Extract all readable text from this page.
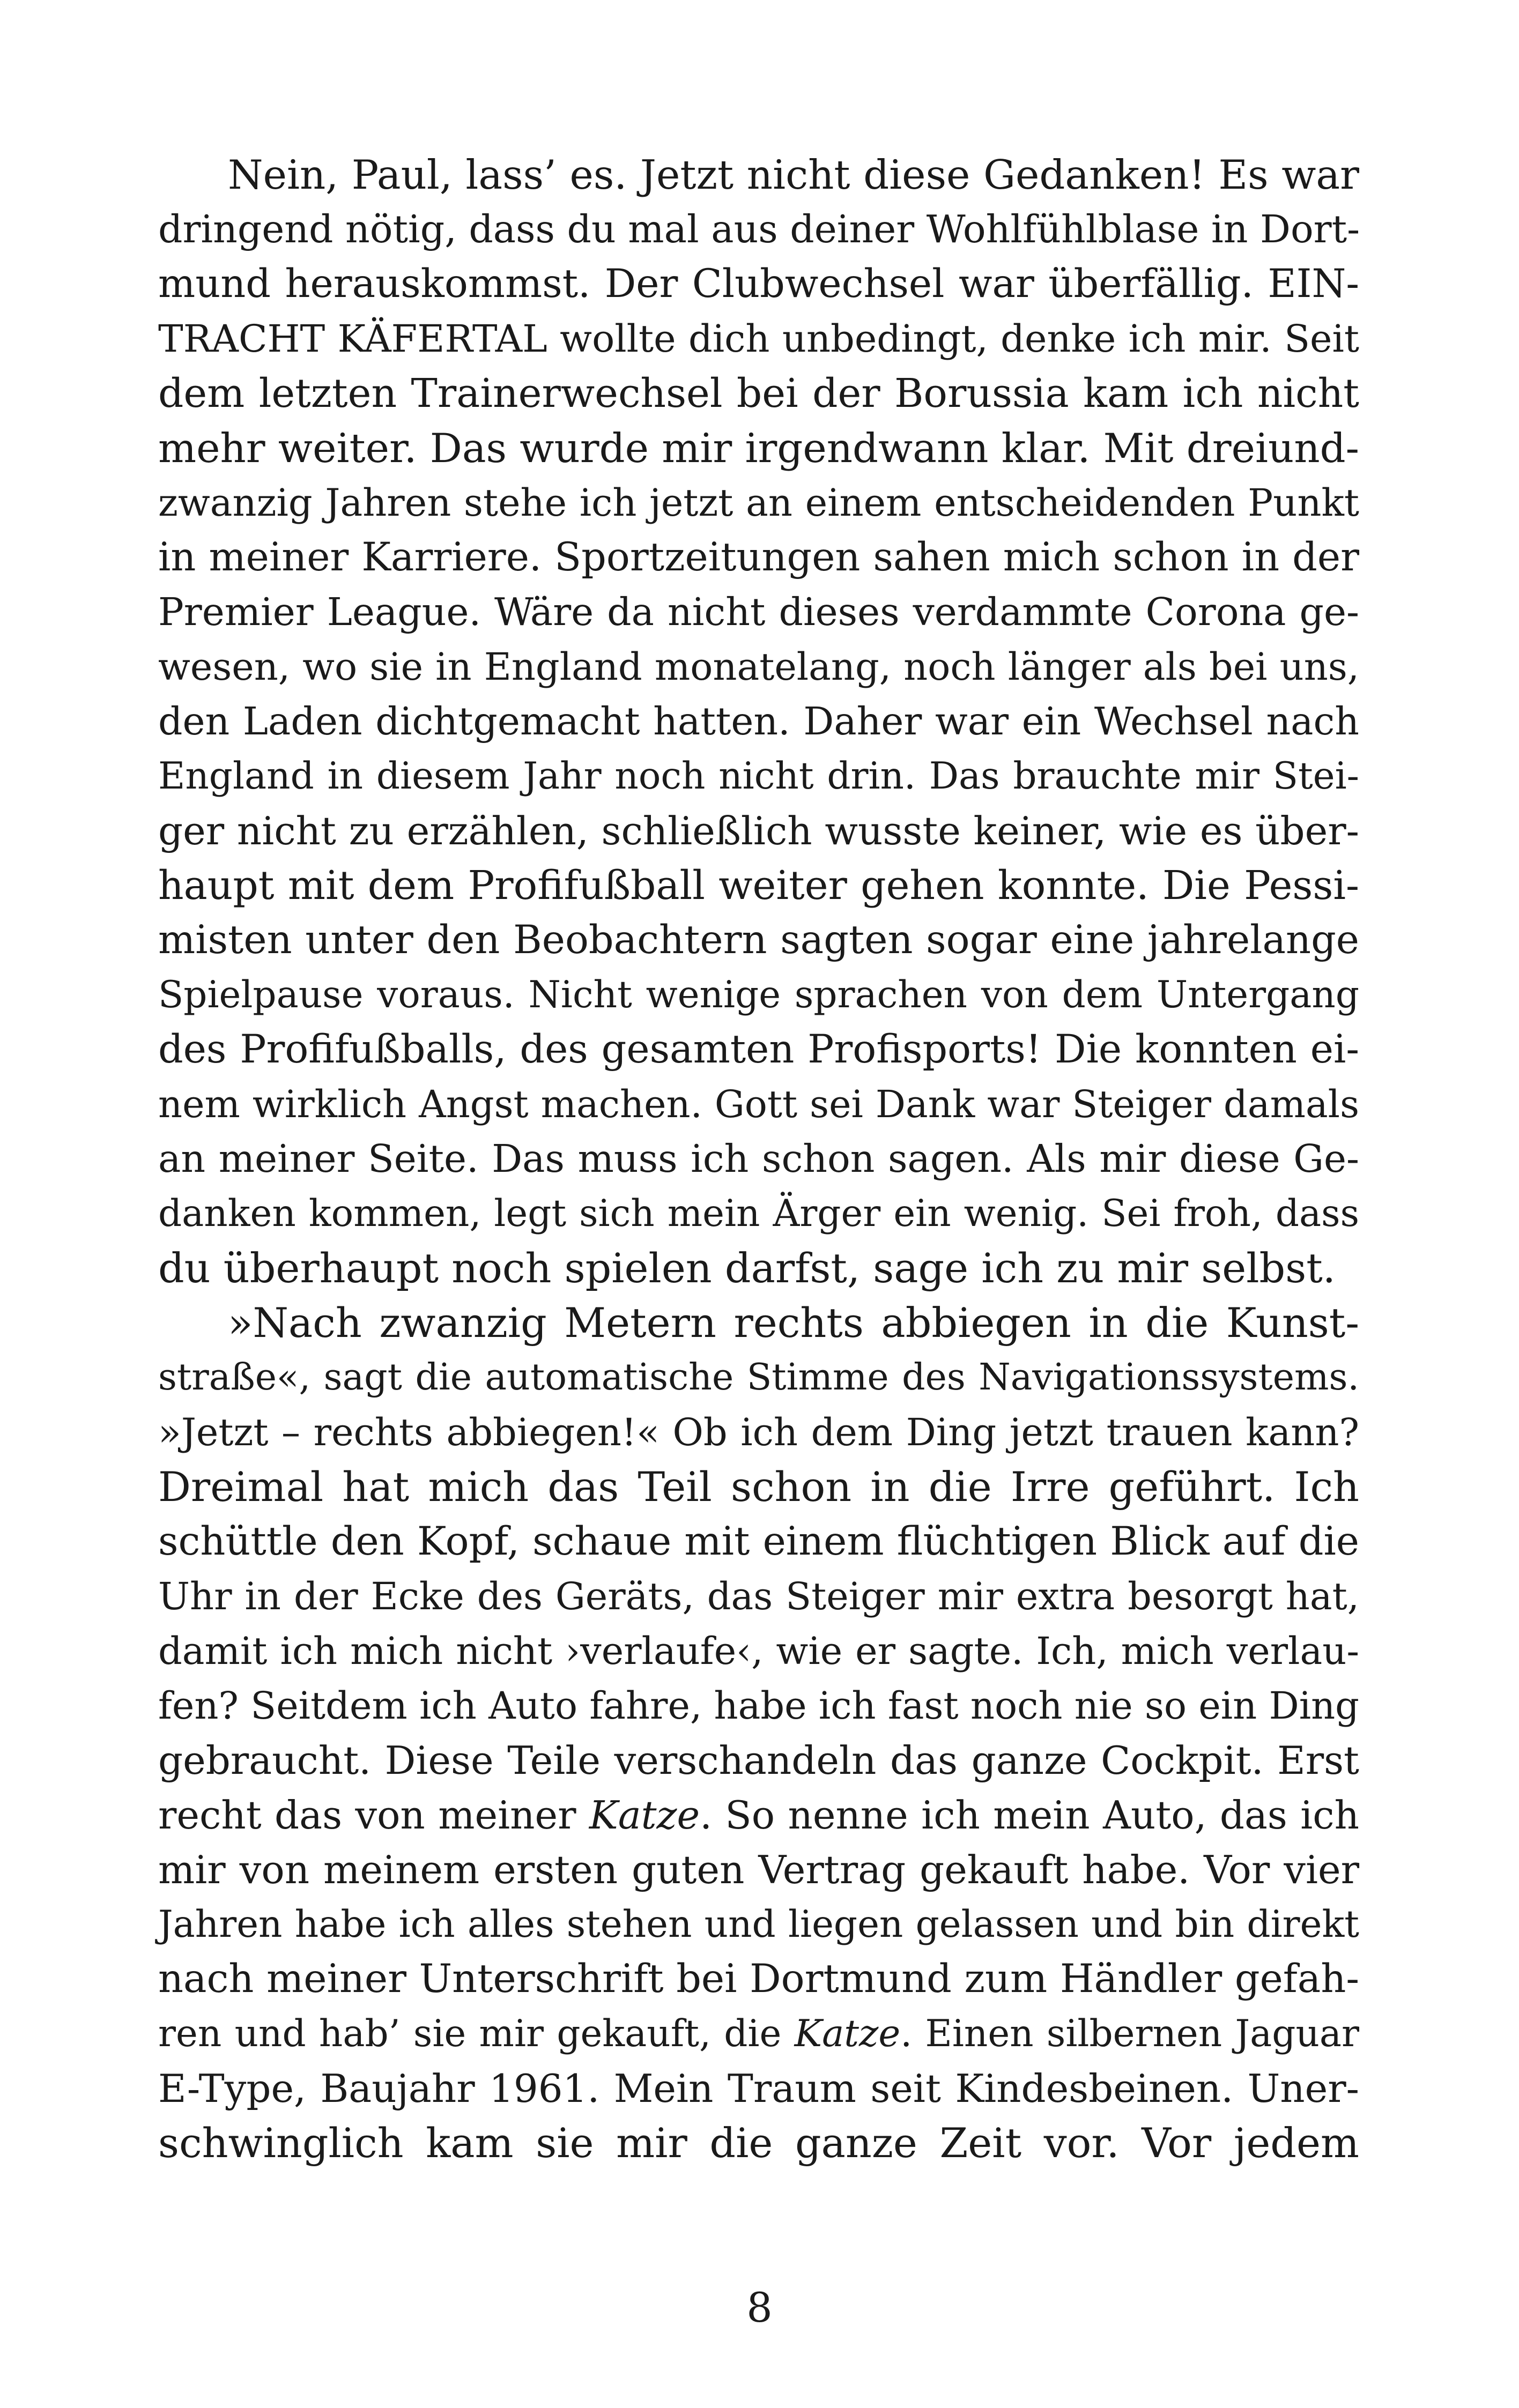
Nein, Paul, lass’ es. Jetzt nicht diese Gedanken! Es war
dringend nötig, dass du mal aus deiner Wohlfühlblase in Dort-
mund herauskommst. Der Clubwechsel war überfällig. EIN-
TRACHT KÄFERTAL wollte dich unbedingt, denke ich mir. Seit
dem letzten Trainerwechsel bei der Borussia kam ich nicht
mehr weiter. Das wurde mir irgendwann klar. Mit dreiund-
zwanzig Jahren stehe ich jetzt an einem entscheidenden Punkt
in meiner Karriere. Sportzeitungen sahen mich schon in der
Premier League. Wäre da nicht dieses verdammte Corona ge-
wesen, wo sie in England monatelang, noch länger als bei uns,
den Laden dichtgemacht hatten. Daher war ein Wechsel nach
England in diesem Jahr noch nicht drin. Das brauchte mir Stei-
ger nicht zu erzählen, schließlich wusste keiner, wie es über-
haupt mit dem Profifußball weiter gehen konnte. Die Pessi-
misten unter den Beobachtern sagten sogar eine jahrelange
Spielpause voraus. Nicht wenige sprachen von dem Untergang
des Profifußballs, des gesamten Profisports! Die konnten ei-
nem wirklich Angst machen. Gott sei Dank war Steiger damals
an meiner Seite. Das muss ich schon sagen. Als mir diese Ge-
danken kommen, legt sich mein Ärger ein wenig. Sei froh, dass
du überhaupt noch spielen darfst, sage ich zu mir selbst.
»Nach zwanzig Metern rechts abbiegen in die Kunst-
straße«, sagt die automatische Stimme des Navigationssystems.
»Jetzt – rechts abbiegen!« Ob ich dem Ding jetzt trauen kann?
Dreimal hat mich das Teil schon in die Irre geführt. Ich
schüttle den Kopf, schaue mit einem flüchtigen Blick auf die
Uhr in der Ecke des Geräts, das Steiger mir extra besorgt hat,
damit ich mich nicht ›verlaufe‹, wie er sagte. Ich, mich verlau-
fen? Seitdem ich Auto fahre, habe ich fast noch nie so ein Ding
gebraucht. Diese Teile verschandeln das ganze Cockpit. Erst
recht das von meiner Katze. So nenne ich mein Auto, das ich
mir von meinem ersten guten Vertrag gekauft habe. Vor vier
Jahren habe ich alles stehen und liegen gelassen und bin direkt
nach meiner Unterschrift bei Dortmund zum Händler gefah-
ren und hab’ sie mir gekauft, die Katze. Einen silbernen Jaguar
E-Type, Baujahr 1961. Mein Traum seit Kindesbeinen. Uner-
schwinglich kam sie mir die ganze Zeit vor. Vor jedem
8
